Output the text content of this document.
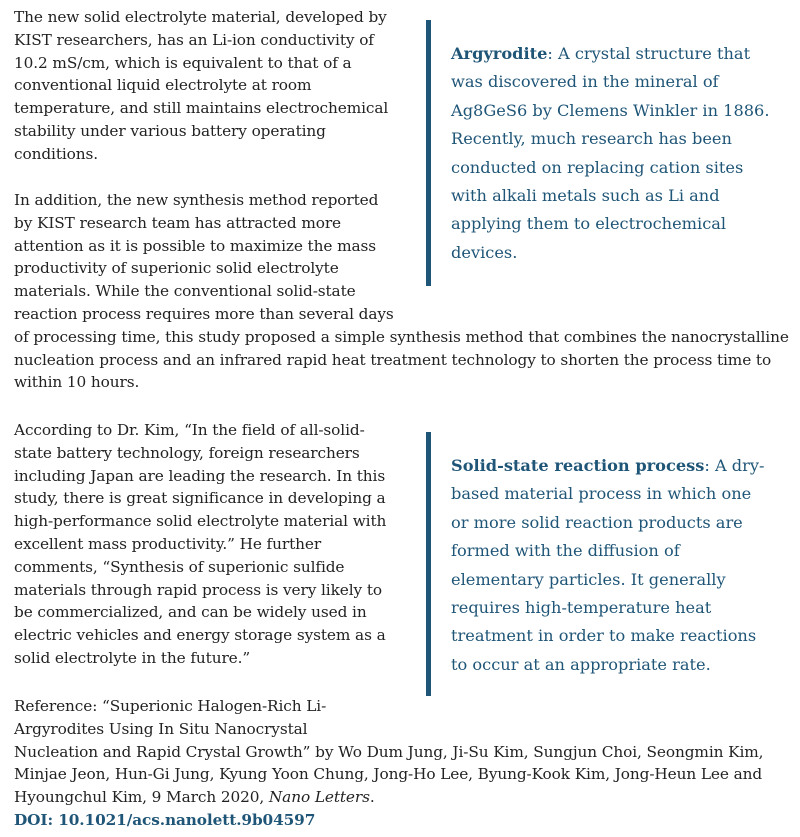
The new solid electrolyte material, developed by
KIST researchers, has an Li-ion conductivity of
10.2 mS/cm, which is equivalent to that of a
conventional liquid electrolyte at room
temperature, and still maintains electrochemical
stability under various battery operating
conditions.
Argyrodite: A crystal structure that
was discovered in the mineral of
Ag8GeS6 by Clemens Winkler in 1886.
Recently, much research has been
conducted on replacing cation sites
with alkali metals such as Li and
applying them to electrochemical
devices.
In addition, the new synthesis method reported
by KIST research team has attracted more
attention as it is possible to maximize the mass
productivity of superionic solid electrolyte
materials. While the conventional solid-state
reaction process requires more than several days
of processing time, this study proposed a simple synthesis method that combines the nanocrystalline
nucleation process and an infrared rapid heat treatment technology to shorten the process time to
within 10 hours.
According to Dr. Kim, “In the field of all-solid-
state battery technology, foreign researchers
including Japan are leading the research. In this
study, there is great significance in developing a
high-performance solid electrolyte material with
excellent mass productivity.” He further
comments, “Synthesis of superionic sulfide
materials through rapid process is very likely to
be commercialized, and can be widely used in
electric vehicles and energy storage system as a
solid electrolyte in the future.”
Solid-state reaction process: A dry-
based material process in which one
or more solid reaction products are
formed with the diffusion of
elementary particles. It generally
requires high-temperature heat
treatment in order to make reactions
to occur at an appropriate rate.
Reference: “Superionic Halogen-Rich Li-
Argyrodites Using In Situ Nanocrystal
Nucleation and Rapid Crystal Growth” by Wo Dum Jung, Ji-Su Kim, Sungjun Choi, Seongmin Kim,
Minjae Jeon, Hun-Gi Jung, Kyung Yoon Chung, Jong-Ho Lee, Byung-Kook Kim, Jong-Heun Lee and
Hyoungchul Kim, 9 March 2020, Nano Letters.
DOI: 10.1021/acs.nanolett.9b04597
